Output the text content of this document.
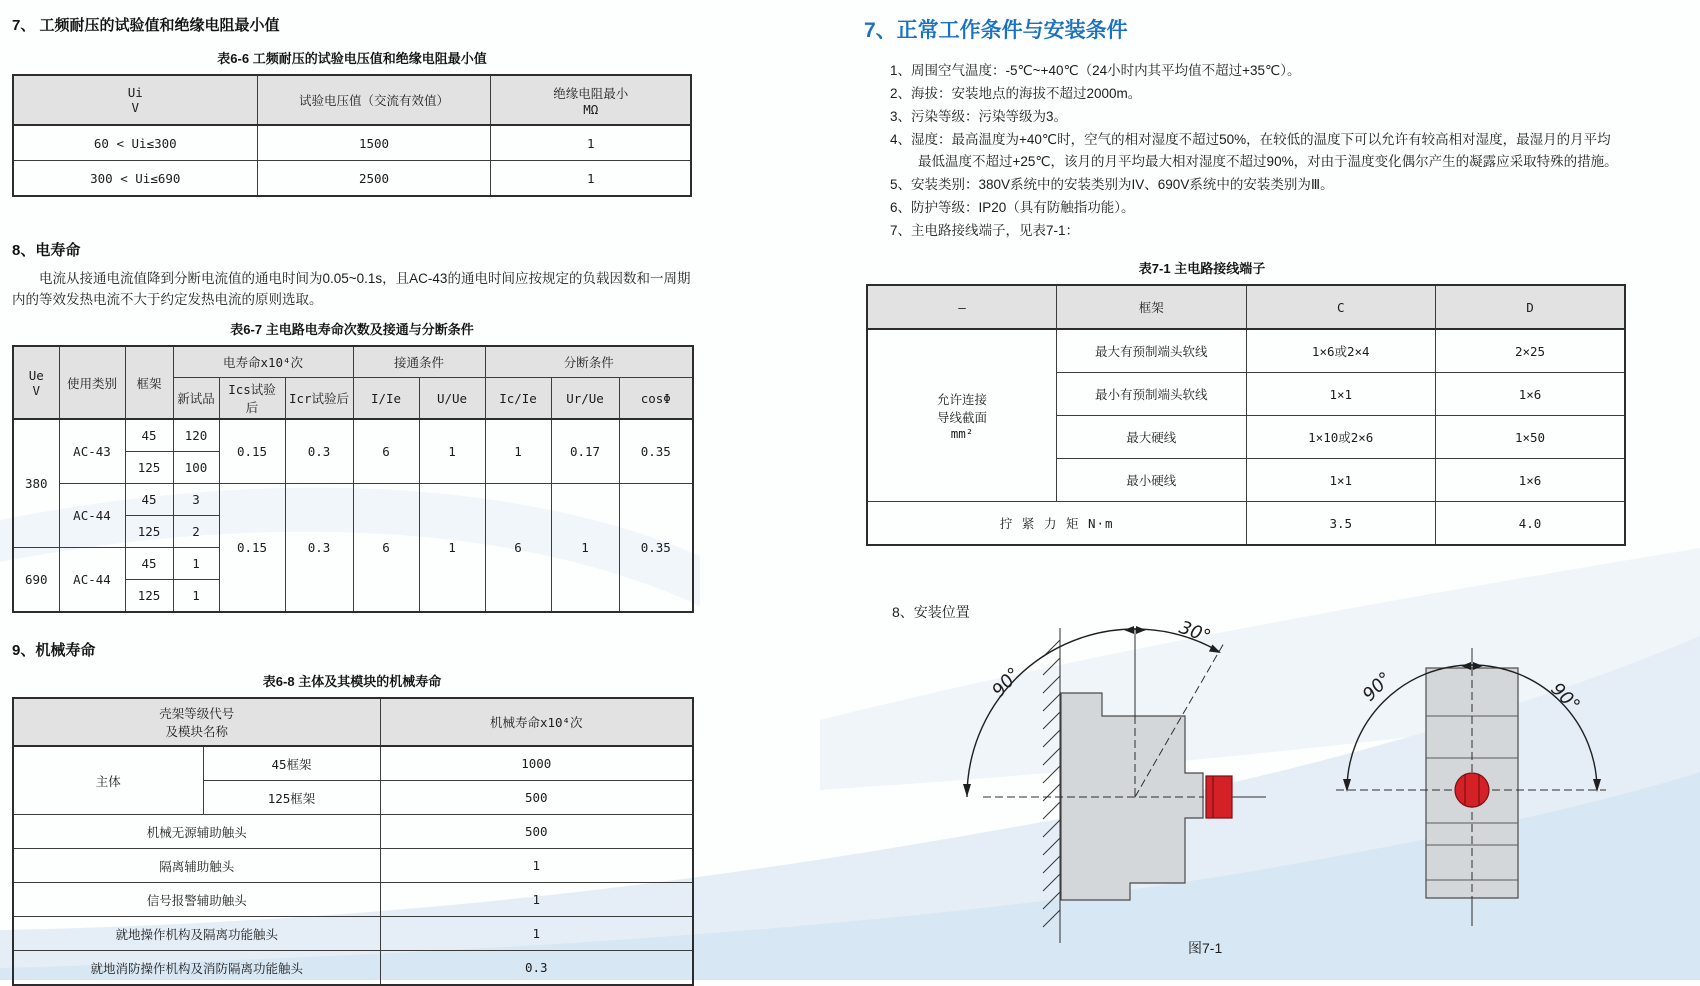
7、 工频耐压的试验值和绝缘电阻最小值
表6-6 工频耐压的试验电压值和绝缘电阻最小值
Ui
V	试验电压值（交流有效值）	绝缘电阻最小
MΩ

60 < Ui≤300	1500	1
300 < Ui≤690	2500	1
8、电寿命
电流从接通电流值降到分断电流值的通电时间为0.05~0.1s，且AC-43的通电时间应按规定的负载因数和一周期内的等效发热电流不大于约定发热电流的原则选取。
表6-7 主电路电寿命次数及接通与分断条件
Ue
V	使用类别	框架	电寿命x10⁴次			接通条件		分断条件		
			新试品	Ics试验后	Icr试验后	I/Ie	U/Ue	Ic/Ie	Ur/Ue	cosΦ
380	AC-43	45	120	0.15	0.3	6	1	1	0.17	0.35
		125	100							
	AC-44	45	3	0.15	0.3	6	1	6	1	0.35
		125	2							
690	AC-44	45	1							
		125	1							
9、机械寿命
表6-8 主体及其模块的机械寿命
壳架等级代号
及模块名称		机械寿命x10⁴次
主体	45框架	1000
	125框架	500
机械无源辅助触头		500
隔离辅助触头		1
信号报警辅助触头		1
就地操作机构及隔离功能触头		1
就地消防操作机构及消防隔离功能触头		0.3
7、正常工作条件与安装条件
1、周围空气温度：-5℃~+40℃（24小时内其平均值不超过+35℃）。
2、海拔：安装地点的海拔不超过2000m。
3、污染等级：污染等级为3。
4、湿度：最高温度为+40℃时，空气的相对湿度不超过50%，在较低的温度下可以允许有较高相对湿度，最湿月的月平均最低温度不超过+25℃，该月的月平均最大相对湿度不超过90%，对由于温度变化偶尔产生的凝露应采取特殊的措施。
5、安装类别：380V系统中的安装类别为IV、690V系统中的安装类别为Ⅲ。
6、防护等级：IP20（具有防触指功能）。
7、主电路接线端子，见表7-1：
表7-1 主电路接线端子
–	框架	C	D

允许连接
导线截面
mm²	最大有预制端头软线	1×6或2×4	2×25
	最小有预制端头软线	1×1	1×6
	最大硬线	1×10或2×6	1×50
	最小硬线	1×1	1×6
拧 紧 力 矩 N·m		3.5	4.0
8、安装位置
90°
30°
90°	90°
图7-1
